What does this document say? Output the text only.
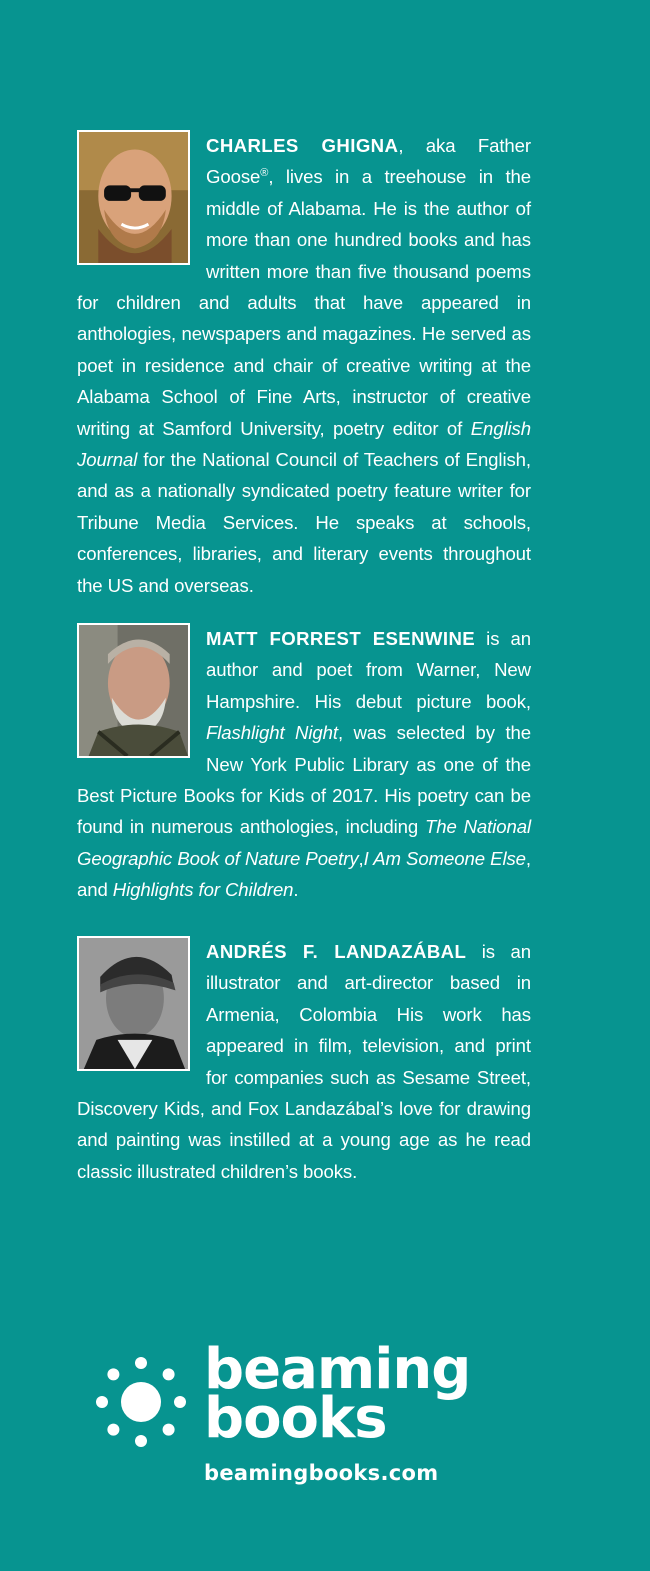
CHARLES GHIGNA, aka Father Goose®, lives in a treehouse in the middle of Alabama. He is the author of more than one hundred books and has written more than five thousand poems for children and adults that have appeared in anthologies, newspapers and magazines. He served as poet in residence and chair of creative writing at the Alabama School of Fine Arts, instructor of creative writing at Samford University, poetry editor of English Journal for the National Council of Teachers of English, and as a nationally syndicated poetry feature writer for Tribune Media Services. He speaks at schools, conferences, libraries, and literary events throughout the US and overseas.
MATT FORREST ESENWINE is an author and poet from Warner, New Hampshire. His debut picture book, Flashlight Night, was selected by the New York Public Library as one of the Best Picture Books for Kids of 2017. His poetry can be found in numerous anthologies, including The National Geographic Book of Nature Poetry,I Am Someone Else, and Highlights for Children.
ANDRÉS F. LANDAZÁBAL is an illustrator and art-director based in Armenia, Colombia His work has appeared in film, television, and print for companies such as Sesame Street, Discovery Kids, and Fox Landazábal’s love for drawing and painting was instilled at a young age as he read classic illustrated children’s books.
beaming
books
beamingbooks.com
